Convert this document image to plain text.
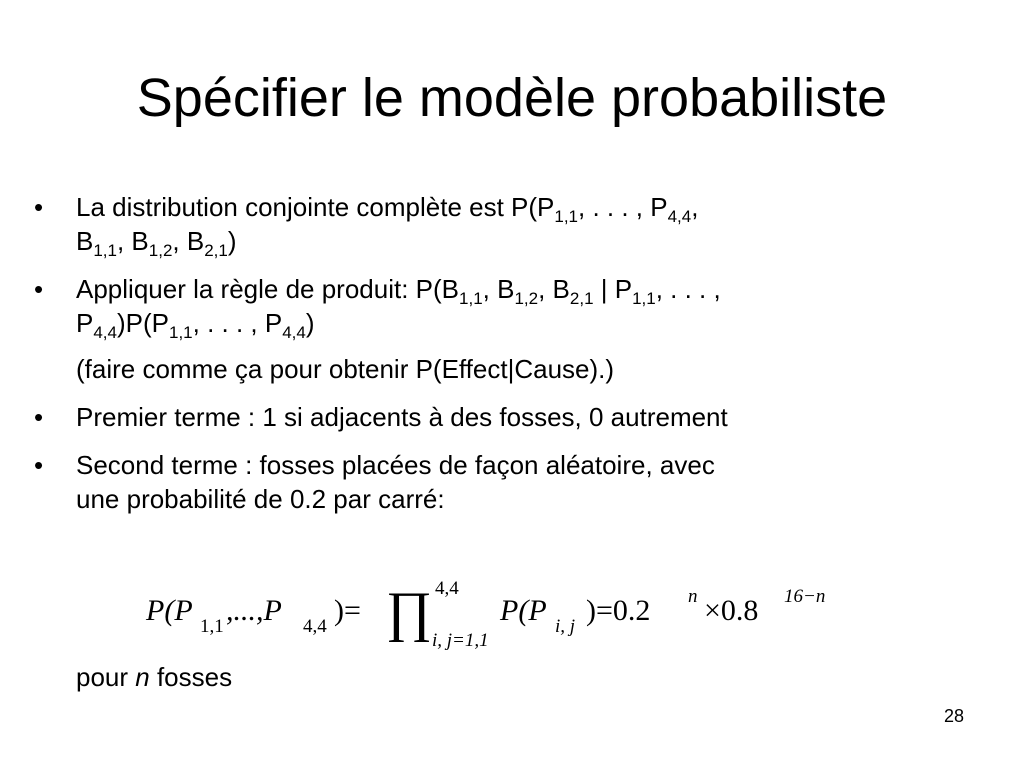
Spécifier le modèle probabiliste
• La distribution conjointe complète est $P(P_{1,1}$, . . . , $P_{4,4}$,
$B_{1,1}$, $B_{1,2}$, $B_{2,1}$)
• Appliquer la règle de produit: $P(B_{1,1}$, $B_{1,2}$, $B_{2,1}$ | $P_{1,1}$, . . . ,
$P_{4,4})P(P_{1,1}$, . . . , $P_{4,4}$)
(faire comme ça pour obtenir P(Effect|Cause).)
• Premier terme : 1 si adjacents à des fosses, 0 autrement
• Second terme : fosses placées de façon aléatoire, avec
une probabilité de 0.2 par carré:
P(P 1,1 ,...,P 4,4 )= ∏ 4,4
i, j=1,1
P(P i, j )=0.2 n ×0.8 16−n
pour n fosses
28
